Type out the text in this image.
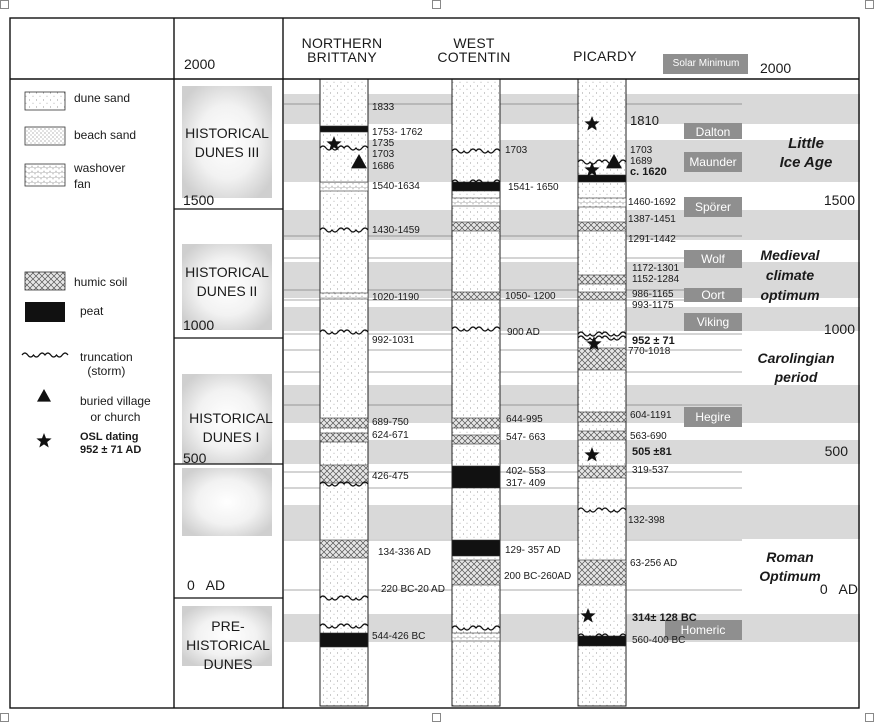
NORTHERN
BRITTANY
WEST
COTENTIN	PICARDY	Solar Minimum
2000
1500
1000
500
0   AD
2000
1500
1000
500
0   AD
HISTORICAL
DUNES III
HISTORICAL
DUNES II
HISTORICAL
DUNES I
PRE-
HISTORICAL
DUNES
dune sand
beach sand
washover
fan
humic soil
peat
truncation
(storm)
buried village
or church
OSL dating
952 ± 71 AD
Dalton
Maunder
Spörer
Wolf
Oort
Viking
Hegire
Homeric
Little
Ice Age
Medieval
climate
optimum
Carolingian
period
Roman
Optimum
1833
1753- 1762
1735
1703
1686
1540-1634
1430-1459
1020-1190
992-1031
689-750
624-671
426-475
134-336 AD
220 BC-20 AD
544-426 BC
1703
1541- 1650
1050- 1200
900 AD
644-995
547- 663
402- 553
317- 409
129- 357 AD
200 BC-260AD
1810
1703
1689
c. 1620
1460-1692
1387-1451
1291-1442
1172-1301
1152-1284
986-1165
993-1175
952 ± 71
770-1018
604-1191
563-690
505 ±81
319-537
132-398
63-256 AD
314± 128 BC
560-400 BC
